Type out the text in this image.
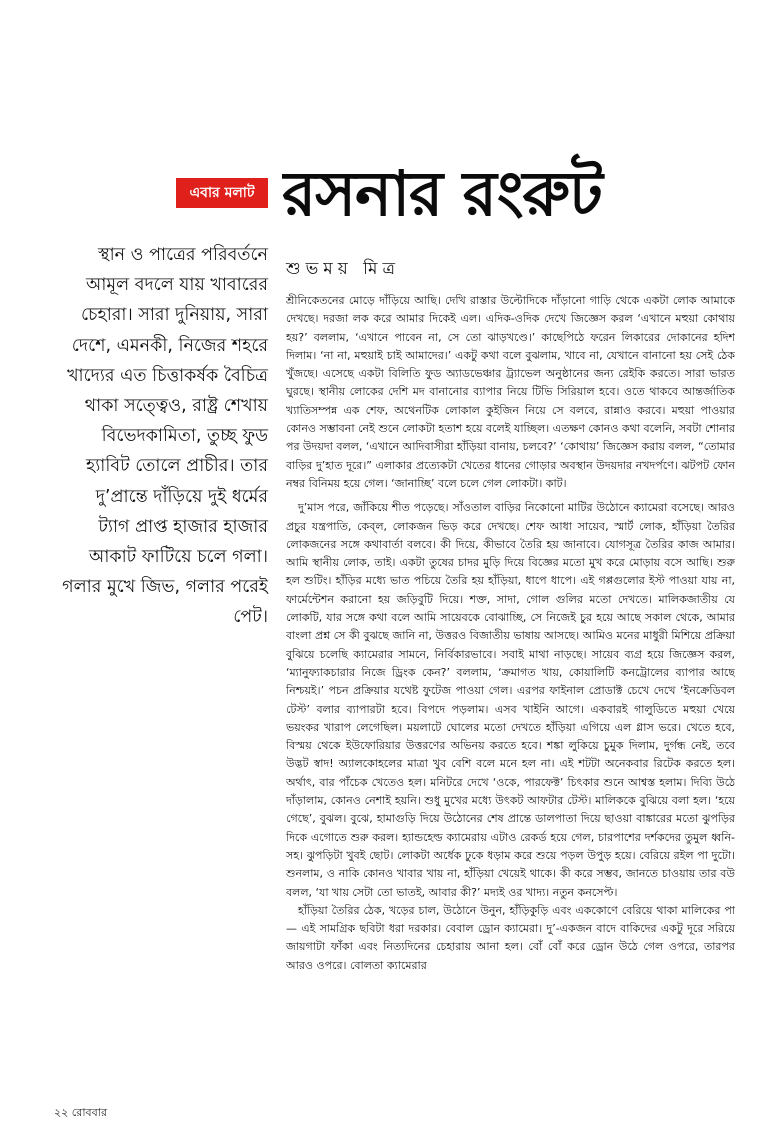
এবার মলাট রসনার রংরুট

স্থান ও পাত্রের পরিবর্তনে আমূল বদলে যায় খাবারের চেহারা। সারা দুনিয়ায়, সারা দেশে, এমনকী, নিজের শহরে খাদ্যের এত চিত্তাকর্ষক বৈচিত্র থাকা সত্ত্বেও, রাষ্ট্র শেখায় বিভেদকামিতা, তুচ্ছ ফুড হ্যাবিট তোলে প্রাচীর। তার দু’প্রান্তে দাঁড়িয়ে দুই ধর্মের ট্যাগ প্রাপ্ত হাজার হাজার আকাট ফাটিয়ে চলে গলা। গলার মুখে জিভ, গলার পরেই পেট।

শুভময় মিত্র

শ্রীনিকেতনের মোড়ে দাঁড়িয়ে আছি। দেখি রাস্তার উল্টোদিকে দাঁড়ানো গাড়ি থেকে একটা লোক আমাকে দেখছে। দরজা লক করে আমার দিকেই এল। এদিক-ওদিক দেখে জিজ্ঞেস করল ‘এখানে মহুয়া কোথায় হয়?’ বললাম, ‘এখানে পাবেন না, সে তো ঝাড়খণ্ডে।’ কাছেপিঠে ফরেন লিকারের দোকানের হদিশ দিলাম। ‘না না, মহুয়াই চাই আমাদের।’ একটু কথা বলে বুঝলাম, খাবে না, যেখানে বানানো হয় সেই ঠেক খুঁজছে। এসেছে একটা বিলিতি ফুড অ্যাডভেঞ্চার ট্র্যাভেল অনুষ্ঠানের জন্য রেইকি করতে। সারা ভারত ঘুরছে। স্থানীয় লোকের দেশি মদ বানানোর ব্যাপার নিয়ে টিভি সিরিয়াল হবে। ওতে থাকবে আন্তর্জাতিক খ্যাতিসম্পন্ন এক শেফ, অথেনটিক লোকাল কুইজিন নিয়ে সে বলবে, রান্নাও করবে। মহুয়া পাওয়ার কোনও সম্ভাবনা নেই শুনে লোকটা হতাশ হয়ে বলেই যাচ্ছিল। এতক্ষণ কোনও কথা বলেনি, সবটা শোনার পর উদয়দা বলল, ‘এখানে আদিবাসীরা হাঁড়িয়া বানায়, চলবে?’ ‘কোথায়’ জিজ্ঞেস করায় বলল, “তোমার বাড়ির দু’হাত দূরে।” এলাকার প্রত্যেকটা খেতের ধানের গোড়ার অবস্থান উদয়দার নখদর্পণে। ঝটপট ফোন নম্বর বিনিময় হয়ে গেল। ‘জানাচ্ছি’ বলে চলে গেল লোকটা। কাট।

দু’মাস পরে, জাঁকিয়ে শীত পড়েছে। সাঁওতাল বাড়ির নিকোনো মাটির উঠোনে ক্যামেরা বসেছে। আরও প্রচুর যন্ত্রপাতি, কেব্‌ল, লোকজন ভিড় করে দেখছে। শেফ আধা সায়েব, স্মার্ট লোক, হাঁড়িয়া তৈরির লোকজনের সঙ্গে কথাবার্তা বলবে। কী দিয়ে, কীভাবে তৈরি হয় জানাবে। যোগসূত্র তৈরির কাজ আমার। আমি স্থানীয় লোক, তাই। একটা তুষের চাদর মুড়ি দিয়ে বিজ্ঞের মতো মুখ করে মোড়ায় বসে আছি। শুরু হল শুটিং। হাঁড়ির মধ্যে ভাত পচিয়ে তৈরি হয় হাঁড়িয়া, ধাপে ধাপে। এই গপ্পগুলোর ইস্ট পাওয়া যায় না, ফার্মেন্টেশন করানো হয় জড়িবুটি দিয়ে। শক্ত, সাদা, গোল গুলির মতো দেখতে। মালিকজাতীয় যে লোকটি, যার সঙ্গে কথা বলে আমি সায়েবকে বোঝাচ্ছি, সে নিজেই চুর হয়ে আছে সকাল থেকে, আমার বাংলা প্রশ্ন সে কী বুঝছে জানি না, উত্তরও বিজাতীয় ভাষায় আসছে। আমিও মনের মাধুরী মিশিয়ে প্রক্রিয়া বুঝিয়ে চলেছি ক্যামেরার সামনে, নির্বিকারভাবে। সবাই মাথা নাড়ছে। সায়েব ব্যগ্র হয়ে জিজ্ঞেস করল, ‘ম্যানুফ্যাকচারার নিজে ড্রিংক কেন?’ বললাম, ‘ক্রমাগত খায়, কোয়ালিটি কনট্রোলের ব্যাপার আছে নিশ্চয়ই।’ পচন প্রক্রিয়ার যথেষ্ট ফুটেজ পাওয়া গেল। এরপর ফাইনাল প্রোডাক্ট চেখে দেখে ‘ইনক্রেডিবল টেস্ট’ বলার ব্যাপারটা হবে। বিপদে পড়লাম। এসব খাইনি আগে। একবারই গালুডিতে মহুয়া খেয়ে ভয়ংকর খারাপ লেগেছিল। ময়লাটে ঘোলের মতো দেখতে হাঁড়িয়া এগিয়ে এল গ্লাস ভরে। খেতে হবে, বিস্ময় থেকে ইউফোরিয়ার উত্তরণের অভিনয় করতে হবে। শঙ্কা লুকিয়ে চুমুক দিলাম, দুর্গন্ধ নেই, তবে উদ্ভট স্বাদ! অ্যালকোহলের মাত্রা খুব বেশি বলে মনে হল না। এই শটটা অনেকবার রিটেক করতে হল। অর্থাৎ, বার পাঁচেক খেতেও হল। মনিটরে দেখে ‘ওকে, পারফেক্ট’ চিৎকার শুনে আশ্বস্ত হলাম। দিব্যি উঠে দাঁড়ালাম, কোনও নেশাই হয়নি। শুধু মুখের মধ্যে উৎকট আফটার টেস্ট। মালিককে বুঝিয়ে বলা হল। ‘হয়ে গেছে’, বুঝল। বুঝে, হামাগুড়ি দিয়ে উঠোনের শেষ প্রান্তে ডালপাতা দিয়ে ছাওয়া বাঙ্কারের মতো ঝুপড়ির দিকে এগোতে শুরু করল। হ্যান্ডহেল্ড ক্যামেরায় এটাও রেকর্ড হয়ে গেল, চারপাশের দর্শকদের তুমুল ধ্বনি-সহ। ঝুপড়িটা খুবই ছোট। লোকটা অর্ধেক ঢুকে ধড়াম করে শুয়ে পড়ল উপুড় হয়ে। বেরিয়ে রইল পা দুটো। শুনলাম, ও নাকি কোনও খাবার খায় না, হাঁড়িয়া খেয়েই থাকে। কী করে সম্ভব, জানতে চাওয়ায় তার বউ বলল, ‘যা খায় সেটা তো ভাতই, আবার কী?’ মদ্যই ওর খাদ্য। নতুন কনসেপ্ট।

হাঁড়িয়া তৈরির ঠেক, খড়ের চাল, উঠোনে উনুন, হাঁড়িকুড়ি এবং এককোণে বেরিয়ে থাকা মালিকের পা— এই সামগ্রিক ছবিটা ধরা দরকার। বেবাল ড্রোন ক্যামেরা। দু’-একজন বাদে বাকিদের একটু দূরে সরিয়ে জায়গাটা ফাঁকা এবং নিত্যদিনের চেহারায় আনা হল। বোঁ বোঁ করে ড্রোন উঠে গেল ওপরে, তারপর আরও ওপরে। বোলতা ক্যামেরার

২২ রোববার
